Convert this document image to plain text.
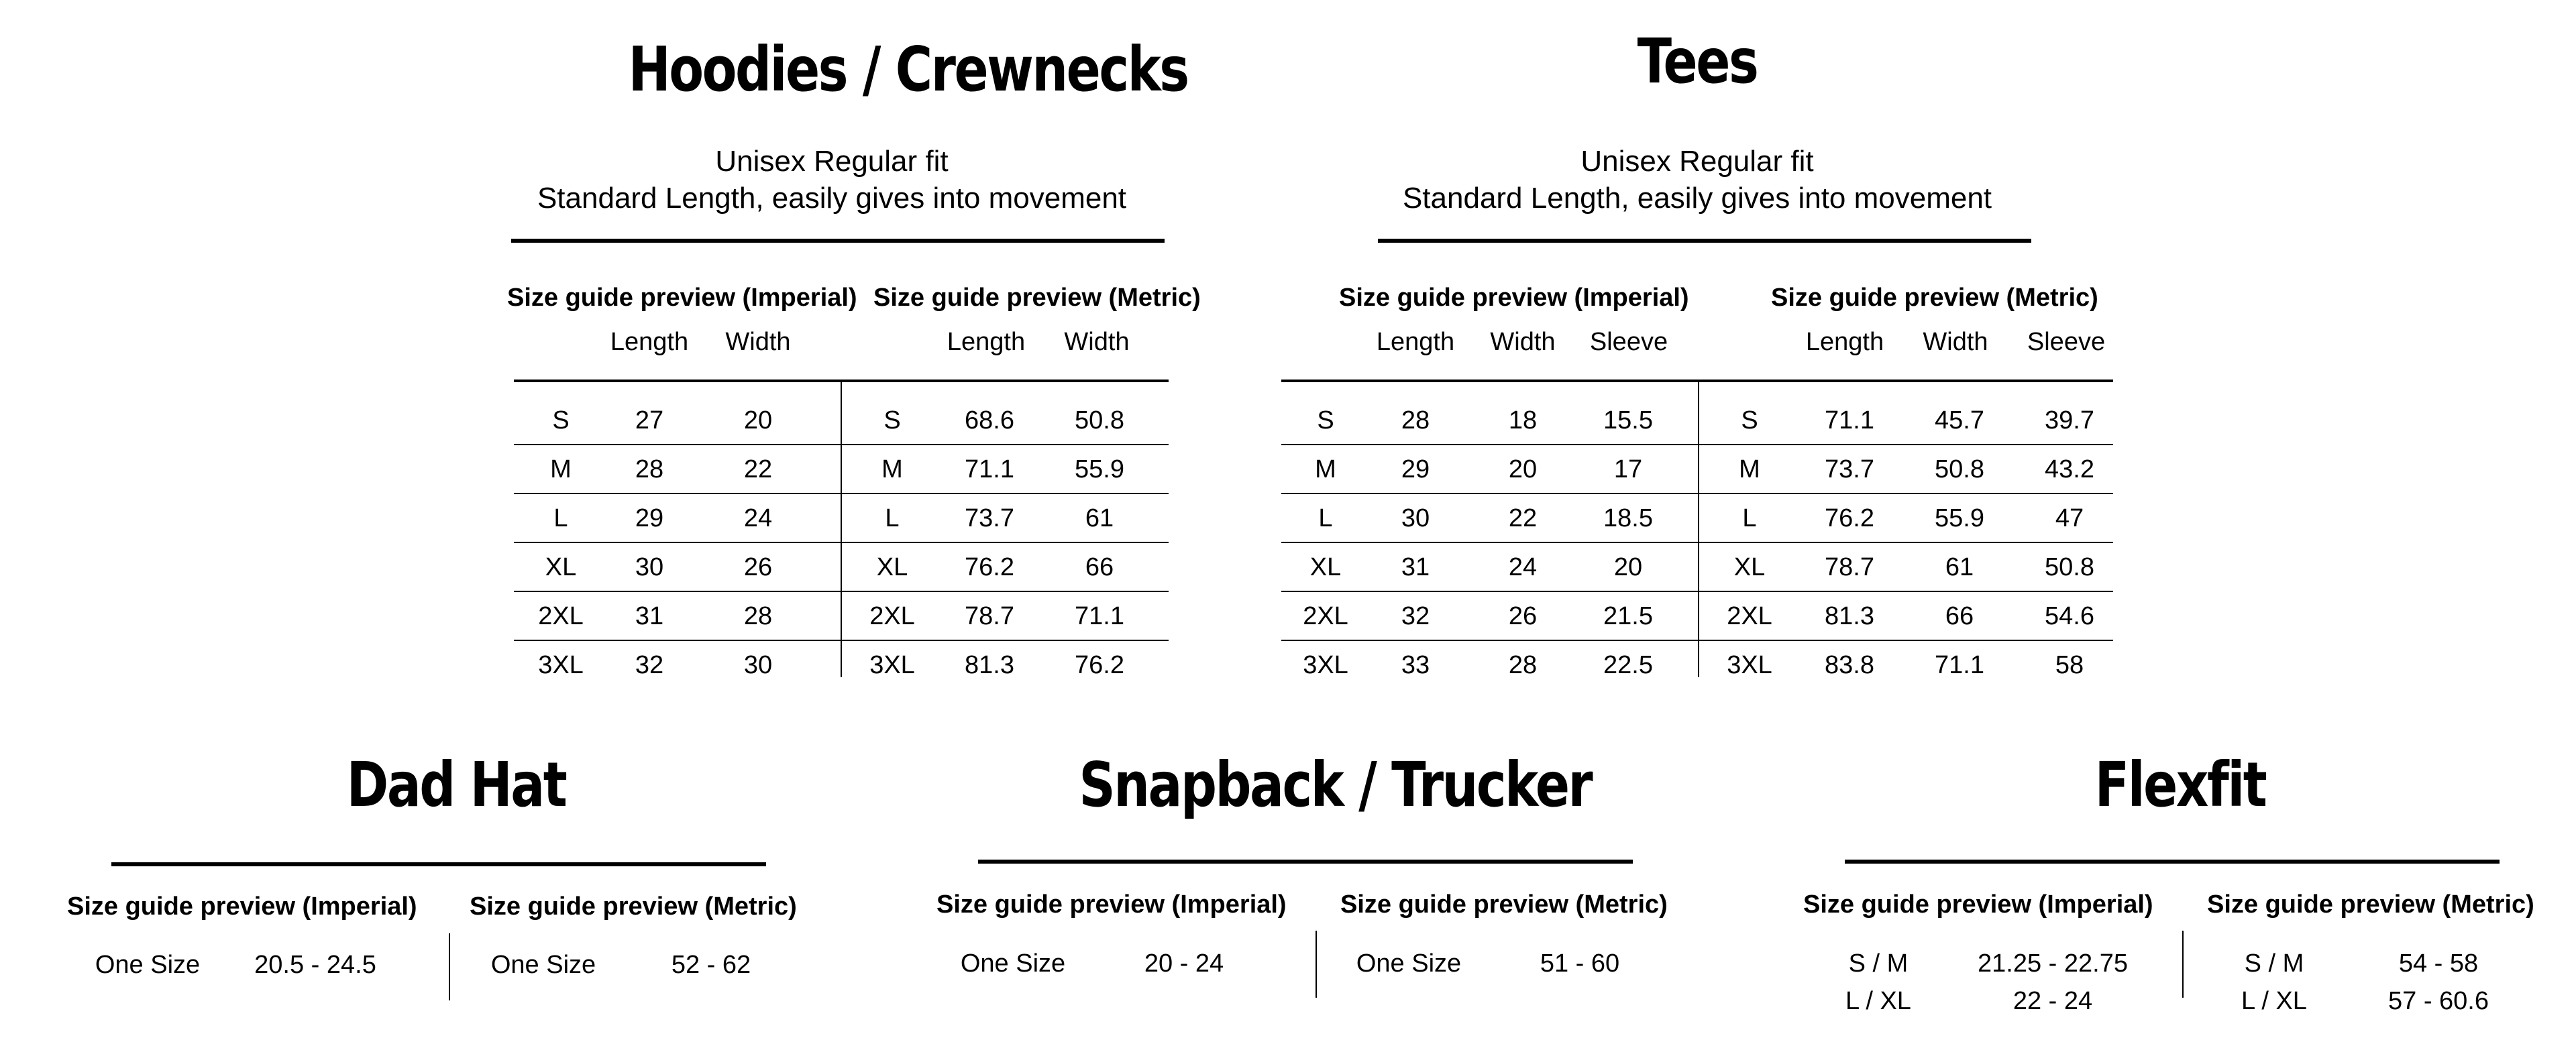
Hoodies / Crewnecks
Unisex Regular fit
Standard Length, easily gives into movement
Size guide preview (Imperial) Size guide preview (Metric)
Length	Width	Length	Width
S	27	20
M	28	22
L	29	24
XL	30	26
2XL	31	28
3XL	32	30
S	68.6	50.8
M	71.1	55.9
L	73.7	61
XL	76.2	66
2XL	78.7	71.1
3XL	81.3	76.2
Tees
Unisex Regular fit
Standard Length, easily gives into movement
Size guide preview (Imperial)	Size guide preview (Metric)
Length	Width	Sleeve	Length	Width	Sleeve
S	28	18	15.5
M	29	20	17
L	30	22	18.5
XL	31	24	20
2XL	32	26	21.5
3XL	33	28	22.5
S	71.1	45.7	39.7
M	73.7	50.8	43.2
L	76.2	55.9	47
XL	78.7	61	50.8
2XL	81.3	66	54.6
3XL	83.8	71.1	58
Dad Hat
Size guide preview (Imperial) Size guide preview (Metric)
One Size	20.5 - 24.5	One Size	52 - 62
Snapback / Trucker
Size guide preview (Imperial) Size guide preview (Metric)
One Size	20 - 24	One Size	51 - 60
Flexfit
Size guide preview (Imperial) Size guide preview (Metric)
S / M	21.25 - 22.75
L / XL	22 - 24
S / M	54 - 58
L / XL	57 - 60.6
